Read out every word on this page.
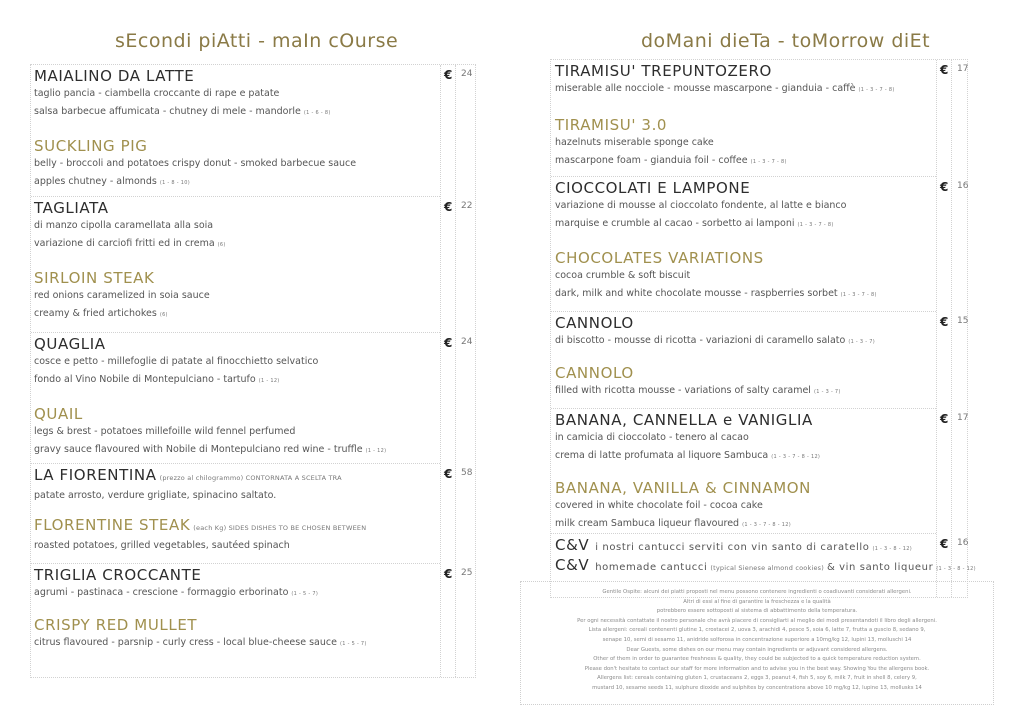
sEcondi piAtti - maIn cOurse	doMani dieTa - toMorrow diEt
€ 24
MAIALINO DA LATTE
taglio pancia - ciambella croccante di rape e patate
salsa barbecue affumicata - chutney di mele - mandorle (1 - 6 - 8)
SUCKLING PIG
belly - broccoli and potatoes crispy donut - smoked barbecue sauce
apples chutney - almonds (1 - 8 - 10)
€ 22
TAGLIATA
di manzo cipolla caramellata alla soia
variazione di carciofi fritti ed in crema (6)
SIRLOIN STEAK
red onions caramelized in soia sauce
creamy & fried artichokes (6)
€ 24
QUAGLIA
cosce e petto - millefoglie di patate al finocchietto selvatico
fondo al Vino Nobile di Montepulciano - tartufo (1 - 12)
QUAIL
legs & brest - potatoes millefoille wild fennel perfumed
gravy sauce flavoured with Nobile di Montepulciano red wine - truffle (1 - 12)
€ 58
LA FIORENTINA (prezzo al chilogrammo) CONTORNATA A SCELTA TRA
patate arrosto, verdure grigliate, spinacino saltato.
FLORENTINE STEAK (each Kg) SIDES DISHES TO BE CHOSEN BETWEEN
roasted potatoes, grilled vegetables, sautéed spinach
€ 25
TRIGLIA CROCCANTE
agrumi - pastinaca - crescione - formaggio erborinato (1 - 5 - 7)
CRISPY RED MULLET
citrus flavoured - parsnip - curly cress - local blue-cheese sauce (1 - 5 - 7)
€ 17
TIRAMISU' TREPUNTOZERO
miserable alle nocciole - mousse mascarpone - gianduia - caffè (1 - 3 - 7 - 8)
TIRAMISU' 3.0
hazelnuts miserable sponge cake
mascarpone foam - gianduia foil - coffee (1 - 3 - 7 - 8)
€ 16
CIOCCOLATI E LAMPONE
variazione di mousse al cioccolato fondente, al latte e bianco
marquise e crumble al cacao - sorbetto ai lamponi (1 - 3 - 7 - 8)
CHOCOLATES VARIATIONS
cocoa crumble & soft biscuit
dark, milk and white chocolate mousse - raspberries sorbet (1 - 3 - 7 - 8)
€ 15
CANNOLO
di biscotto - mousse di ricotta - variazioni di caramello salato (1 - 3 - 7)
CANNOLO
filled with ricotta mousse - variations of salty caramel (1 - 3 - 7)
€ 17
BANANA, CANNELLA e VANIGLIA
in camicia di cioccolato - tenero al cacao
crema di latte profumata al liquore Sambuca (1 - 3 - 7 - 8 - 12)
BANANA, VANILLA & CINNAMON
covered in white chocolate foil - cocoa cake
milk cream Sambuca liqueur flavoured (1 - 3 - 7 - 8 - 12)
€ 16
C&V i nostri cantucci serviti con vin santo di caratello (1 - 3 - 8 - 12)
C&V homemade cantucci (typical Sienese almond cookies) & vin santo liqueur (1 - 3 - 8 - 12)
Gentile Ospite: alcuni dei piatti proposti nel menu possono contenere ingredienti o coadiuvanti considerati allergeni.
Altri di essi al fine di garantire la freschezza e la qualità
potrebbero essere sottoposti al sistema di abbattimento della temperatura.
Per ogni necessità contattate il nostro personale che avrà piacere di consigliarti al meglio dei modi presentandoti il libro degli allergeni.
Lista allergeni: cereali contenenti glutine 1, crostacei 2, uova 3, arachidi 4, pesce 5, soia 6, latte 7, frutta a guscio 8, sedano 9,
senape 10, semi di sesamo 11, anidride solforosa in concentrazione superiore a 10mg/kg 12, lupini 13, molluschi 14
Dear Guests, some dishes on our menu may contain ingredients or adjuvant considered allergens.
Other of them in order to guarantee freshness & quality, they could be subjected to a quick temperature reduction system.
Please don't hesitate to contact our staff for more information and to advise you in the best way. Showing You the allergens book.
Allergens list: cereals containing gluten 1, crustaceans 2, eggs 3, peanut 4, fish 5, soy 6, milk 7, fruit in shell 8, celery 9,
mustard 10, sesame seeds 11, sulphure dioxide and sulphites by concentrations above 10 mg/kg 12, lupine 13, mollusks 14
